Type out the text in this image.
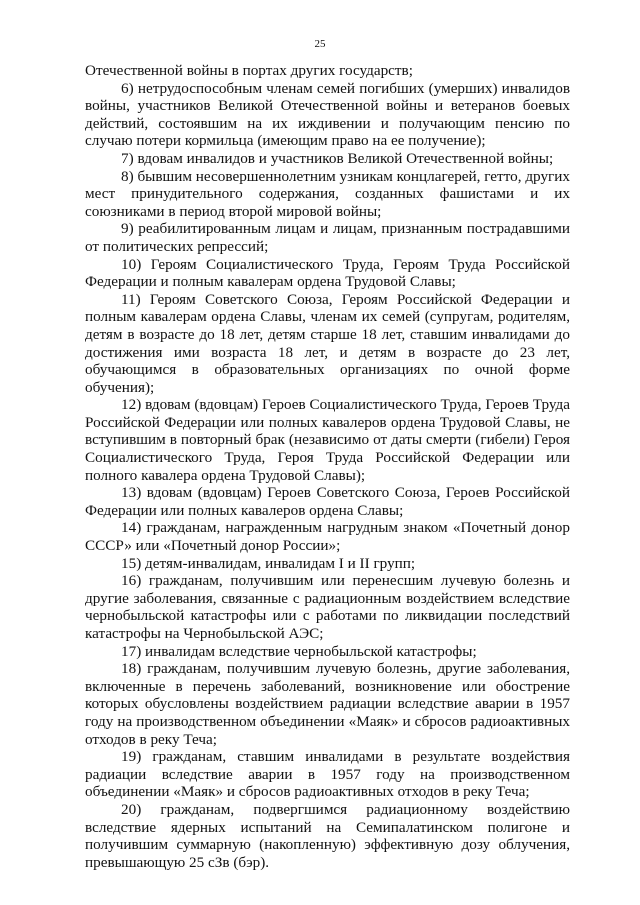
25

Отечественной войны в портах других государств;

6) нетрудоспособным членам семей погибших (умерших) инвалидов войны, участников Великой Отечественной войны и ветеранов боевых действий, состоявшим на их иждивении и получающим пенсию по случаю потери кормильца (имеющим право на ее получение);

7) вдовам инвалидов и участников Великой Отечественной войны;

8) бывшим несовершеннолетним узникам концлагерей, гетто, других мест принудительного содержания, созданных фашистами и их союзниками в период второй мировой войны;

9) реабилитированным лицам и лицам, признанным пострадавшими от политических репрессий;

10) Героям Социалистического Труда, Героям Труда Российской Федерации и полным кавалерам ордена Трудовой Славы;

11) Героям Советского Союза, Героям Российской Федерации и полным кавалерам ордена Славы, членам их семей (супругам, родителям, детям в возрасте до 18 лет, детям старше 18 лет, ставшим инвалидами до достижения ими возраста 18 лет, и детям в возрасте до 23 лет, обучающимся в образовательных организациях по очной форме обучения);

12) вдовам (вдовцам) Героев Социалистического Труда, Героев Труда Российской Федерации или полных кавалеров ордена Трудовой Славы, не вступившим в повторный брак (независимо от даты смерти (гибели) Героя Социалистического Труда, Героя Труда Российской Федерации или полного кавалера ордена Трудовой Славы);

13) вдовам (вдовцам) Героев Советского Союза, Героев Российской Федерации или полных кавалеров ордена Славы;

14) гражданам, награжденным нагрудным знаком «Почетный донор СССР» или «Почетный донор России»;

15) детям-инвалидам, инвалидам I и II групп;

16) гражданам, получившим или перенесшим лучевую болезнь и другие заболевания, связанные с радиационным воздействием вследствие чернобыльской катастрофы или с работами по ликвидации последствий катастрофы на Чернобыльской АЭС;

17) инвалидам вследствие чернобыльской катастрофы;

18) гражданам, получившим лучевую болезнь, другие заболевания, включенные в перечень заболеваний, возникновение или обострение которых обусловлены воздействием радиации вследствие аварии в 1957 году на производственном объединении «Маяк» и сбросов радиоактивных отходов в реку Теча;

19) гражданам, ставшим инвалидами в результате воздействия радиации вследствие аварии в 1957 году на производственном объединении «Маяк» и сбросов радиоактивных отходов в реку Теча;

20) гражданам, подвергшимся радиационному воздействию вследствие ядерных испытаний на Семипалатинском полигоне и получившим суммарную (накопленную) эффективную дозу облучения, превышающую 25 сЗв (бэр).
